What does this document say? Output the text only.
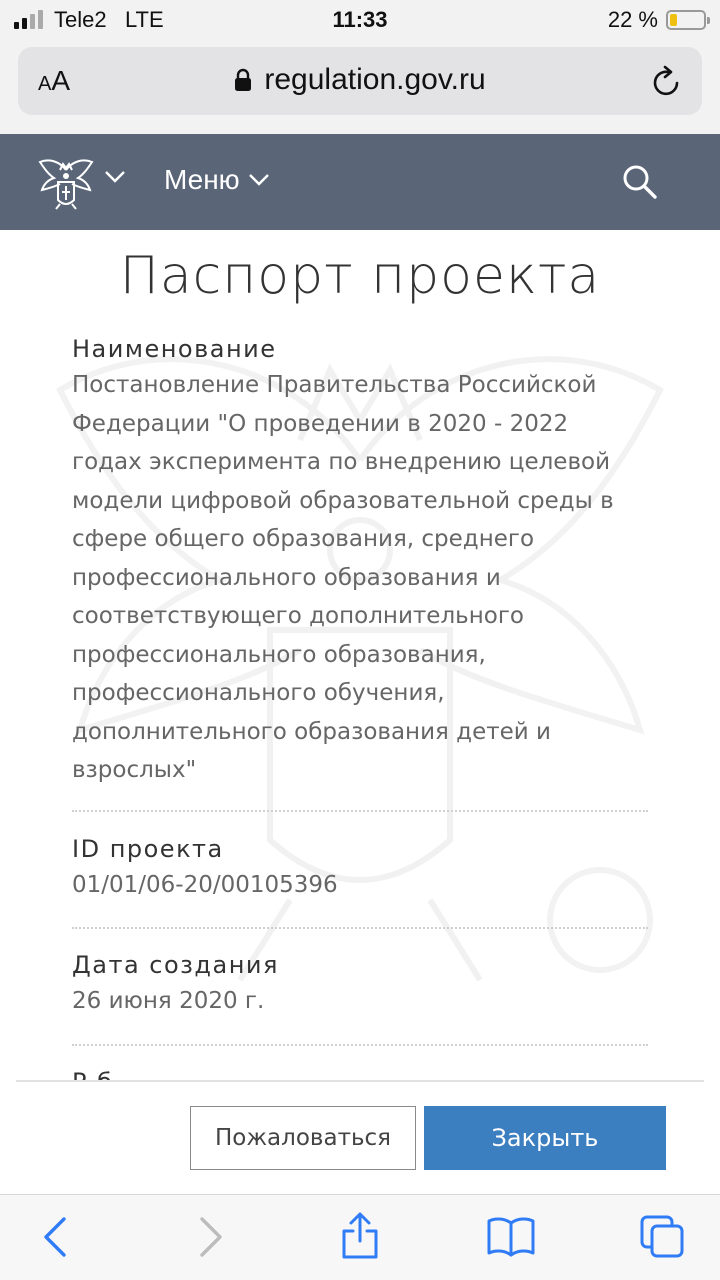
Tele2 LTE	11:33	22 %
AA	regulation.gov.ru
Меню
Паспорт проекта
Наименование
Постановление Правительства Российской
Федерации "О проведении в 2020 - 2022
годах эксперимента по внедрению целевой
модели цифровой образовательной среды в
сфере общего образования, среднего
профессионального образования и
соответствующего дополнительного
профессионального образования,
профессионального обучения,
дополнительного образования детей и
взрослых"
ID проекта
01/01/06-20/00105396
Дата создания
26 июня 2020 г.
Пожаловаться	Закрыть
